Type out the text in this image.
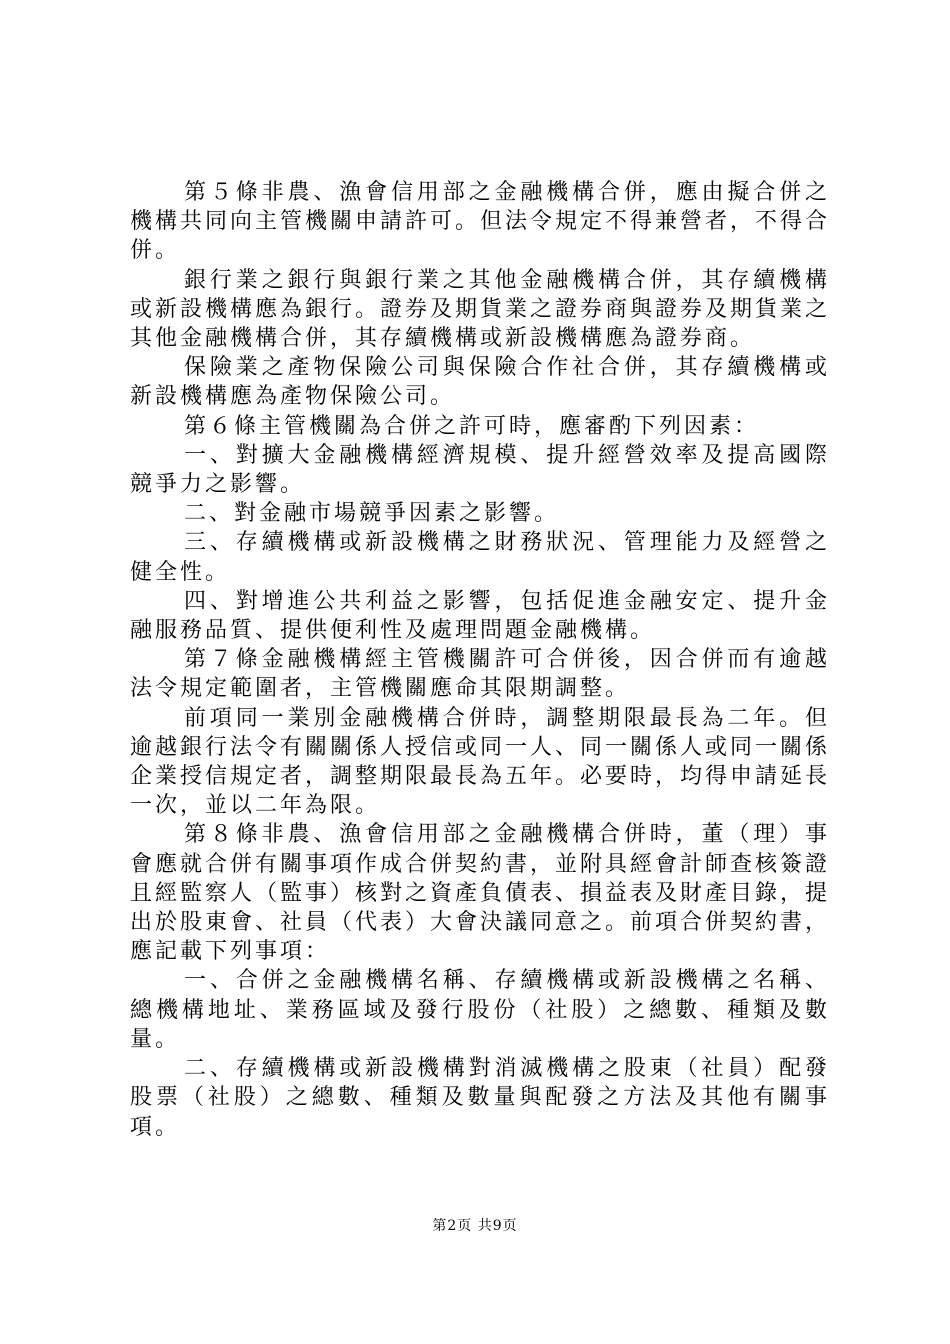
第５條非農、漁會信用部之金融機構合併，應由擬合併之機構共同向主管機關申請許可。但法令規定不得兼營者，不得合併。

銀行業之銀行與銀行業之其他金融機構合併，其存續機構或新設機構應為銀行。證券及期貨業之證券商與證券及期貨業之其他金融機構合併，其存續機構或新設機構應為證券商。

保險業之產物保險公司與保險合作社合併，其存續機構或新設機構應為產物保險公司。

第６條主管機關為合併之許可時，應審酌下列因素：

一、對擴大金融機構經濟規模、提升經營效率及提高國際競爭力之影響。

二、對金融市場競爭因素之影響。

三、存續機構或新設機構之財務狀況、管理能力及經營之健全性。

四、對增進公共利益之影響，包括促進金融安定、提升金融服務品質、提供便利性及處理問題金融機構。

第７條金融機構經主管機關許可合併後，因合併而有逾越法令規定範圍者，主管機關應命其限期調整。

前項同一業別金融機構合併時，調整期限最長為二年。但逾越銀行法令有關關係人授信或同一人、同一關係人或同一關係企業授信規定者，調整期限最長為五年。必要時，均得申請延長一次，並以二年為限。

第８條非農、漁會信用部之金融機構合併時，董（理）事會應就合併有關事項作成合併契約書，並附具經會計師查核簽證且經監察人（監事）核對之資產負債表、損益表及財產目錄，提出於股東會、社員（代表）大會決議同意之。前項合併契約書，應記載下列事項：

一、合併之金融機構名稱、存續機構或新設機構之名稱、總機構地址、業務區域及發行股份（社股）之總數、種類及數量。

二、存續機構或新設機構對消滅機構之股東（社員）配發股票（社股）之總數、種類及數量與配發之方法及其他有關事項。

第2页 共9页
